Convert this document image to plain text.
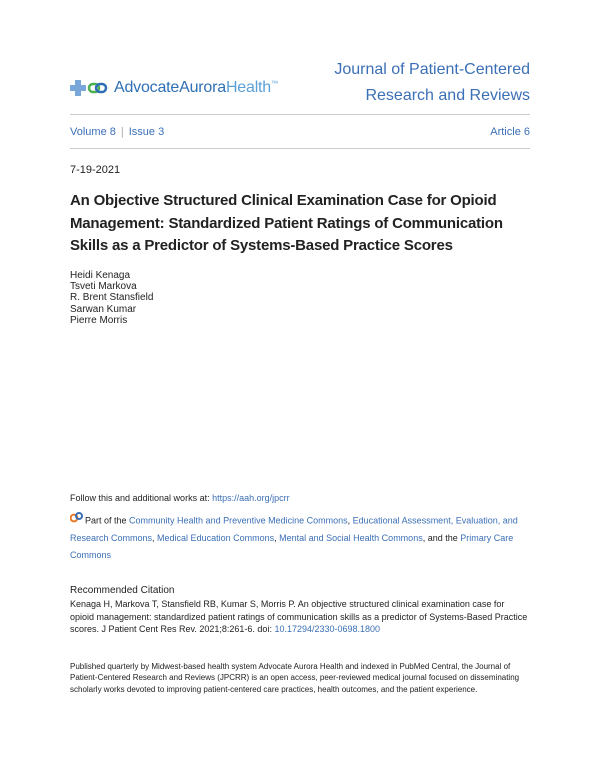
AdvocateAuroraHealth™
Journal of Patient-Centered
Research and Reviews
Volume 8 | Issue 3	Article 6
7-19-2021
An Objective Structured Clinical Examination Case for Opioid Management: Standardized Patient Ratings of Communication Skills as a Predictor of Systems-Based Practice Scores
Heidi Kenaga
Tsveti Markova
R. Brent Stansfield
Sarwan Kumar
Pierre Morris
Follow this and additional works at: https://aah.org/jpcrr
Part of the Community Health and Preventive Medicine Commons, Educational Assessment, Evaluation, and Research Commons, Medical Education Commons, Mental and Social Health Commons, and the Primary Care Commons
Recommended Citation
Kenaga H, Markova T, Stansfield RB, Kumar S, Morris P. An objective structured clinical examination case for opioid management: standardized patient ratings of communication skills as a predictor of Systems-Based Practice scores. J Patient Cent Res Rev. 2021;8:261-6. doi: 10.17294/2330-0698.1800
Published quarterly by Midwest-based health system Advocate Aurora Health and indexed in PubMed Central, the Journal of Patient-Centered Research and Reviews (JPCRR) is an open access, peer-reviewed medical journal focused on disseminating scholarly works devoted to improving patient-centered care practices, health outcomes, and the patient experience.
